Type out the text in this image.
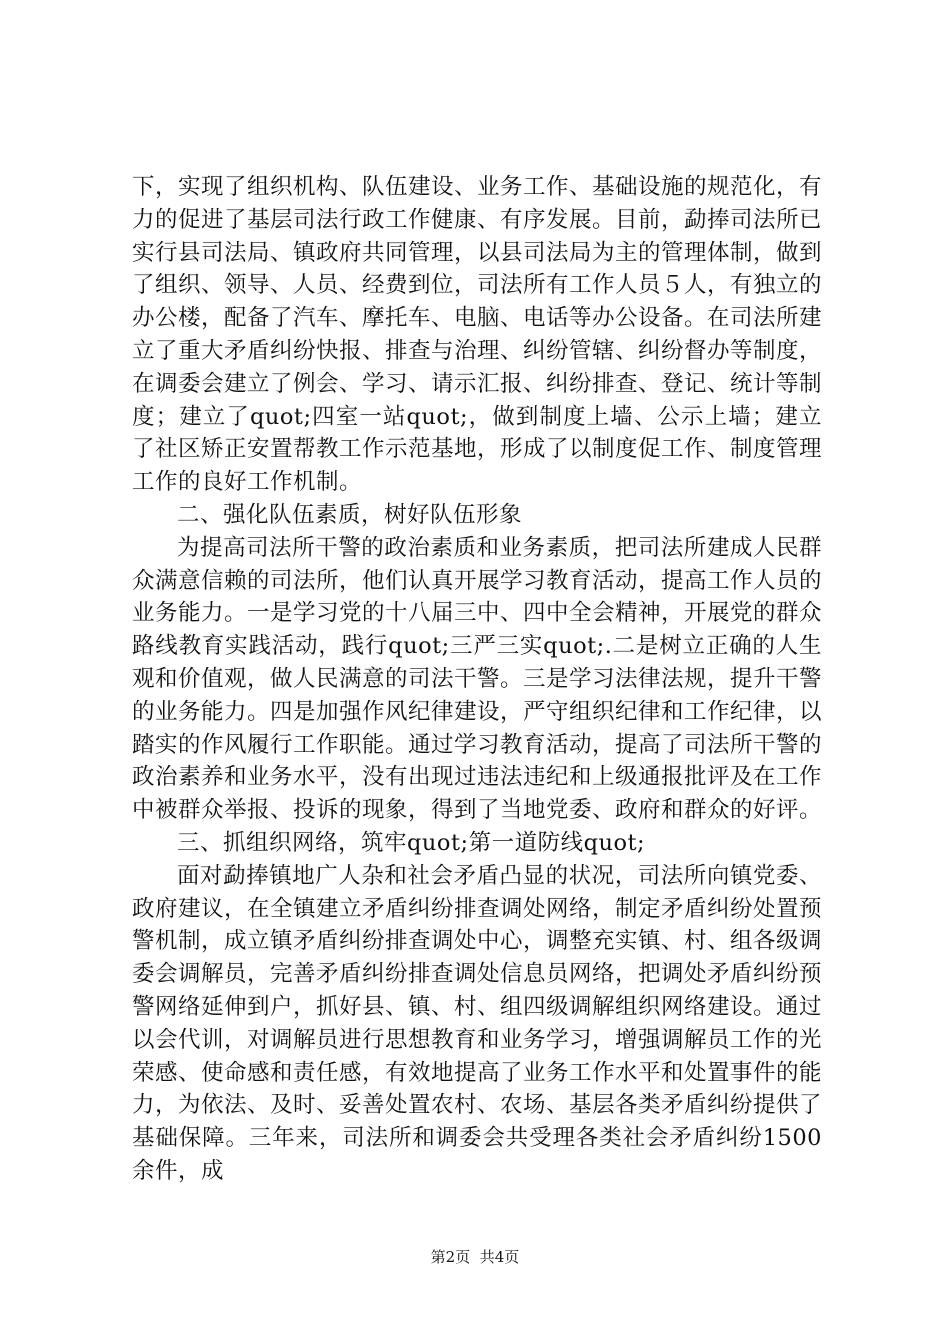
下，实现了组织机构、队伍建设、业务工作、基础设施的规范化，有力的促进了基层司法行政工作健康、有序发展。目前，勐捧司法所已实行县司法局、镇政府共同管理，以县司法局为主的管理体制，做到了组织、领导、人员、经费到位，司法所有工作人员５人，有独立的办公楼，配备了汽车、摩托车、电脑、电话等办公设备。在司法所建立了重大矛盾纠纷快报、排查与治理、纠纷管辖、纠纷督办等制度，在调委会建立了例会、学习、请示汇报、纠纷排查、登记、统计等制度；建立了quot;四室一站quot;，做到制度上墙、公示上墙；建立了社区矫正安置帮教工作示范基地，形成了以制度促工作、制度管理工作的良好工作机制。

二、强化队伍素质，树好队伍形象

为提高司法所干警的政治素质和业务素质，把司法所建成人民群众满意信赖的司法所，他们认真开展学习教育活动，提高工作人员的业务能力。一是学习党的十八届三中、四中全会精神，开展党的群众路线教育实践活动，践行quot;三严三实quot;.二是树立正确的人生观和价值观，做人民满意的司法干警。三是学习法律法规，提升干警的业务能力。四是加强作风纪律建设，严守组织纪律和工作纪律，以踏实的作风履行工作职能。通过学习教育活动，提高了司法所干警的政治素养和业务水平，没有出现过违法违纪和上级通报批评及在工作中被群众举报、投诉的现象，得到了当地党委、政府和群众的好评。

三、抓组织网络，筑牢quot;第一道防线quot;

面对勐捧镇地广人杂和社会矛盾凸显的状况，司法所向镇党委、政府建议，在全镇建立矛盾纠纷排查调处网络，制定矛盾纠纷处置预警机制，成立镇矛盾纠纷排查调处中心，调整充实镇、村、组各级调委会调解员，完善矛盾纠纷排查调处信息员网络，把调处矛盾纠纷预警网络延伸到户，抓好县、镇、村、组四级调解组织网络建设。通过以会代训，对调解员进行思想教育和业务学习，增强调解员工作的光荣感、使命感和责任感，有效地提高了业务工作水平和处置事件的能力，为依法、及时、妥善处置农村、农场、基层各类矛盾纠纷提供了基础保障。三年来，司法所和调委会共受理各类社会矛盾纠纷1500余件，成

第2页 共4页
